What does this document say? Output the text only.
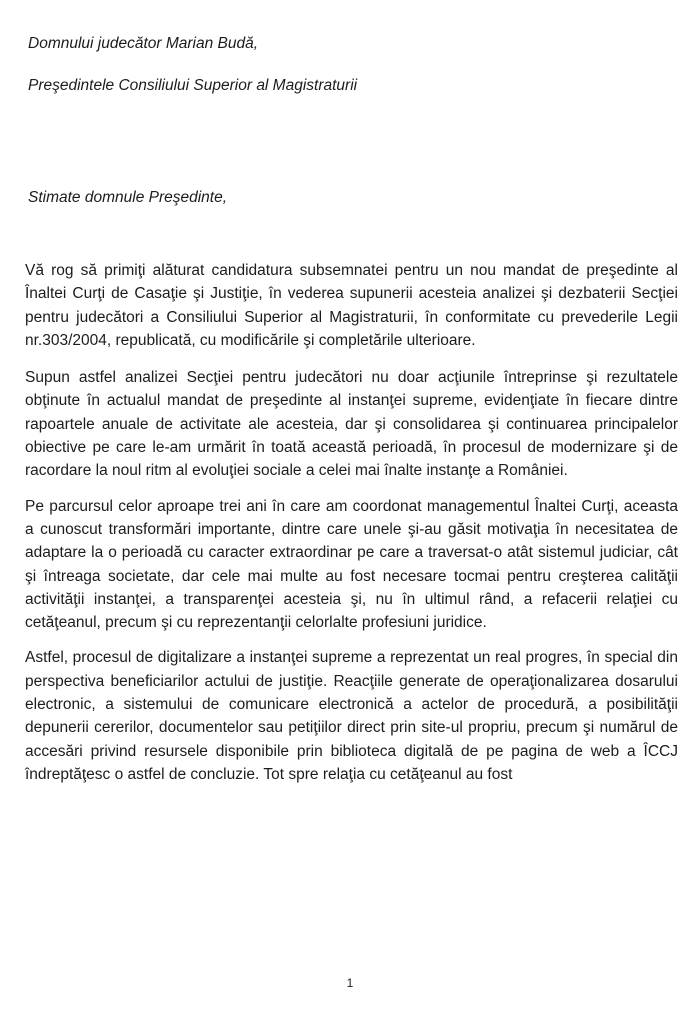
Domnului judecător Marian Budă,
Preşedintele Consiliului Superior al Magistraturii
Stimate domnule Preşedinte,

Vă rog să primiţi alăturat candidatura subsemnatei pentru un nou mandat de preşedinte al Înaltei Curţi de Casaţie şi Justiţie, în vederea supunerii acesteia analizei şi dezbaterii Secţiei pentru judecători a Consiliului Superior al Magistraturii, în conformitate cu prevederile Legii nr.303/2004, republicată, cu modificările şi completările ulterioare.

Supun astfel analizei Secţiei pentru judecători nu doar acţiunile întreprinse şi rezultatele obţinute în actualul mandat de preşedinte al instanţei supreme, evidenţiate în fiecare dintre rapoartele anuale de activitate ale acesteia, dar şi consolidarea şi continuarea principalelor obiective pe care le-am urmărit în toată această perioadă, în procesul de modernizare şi de racordare la noul ritm al evoluţiei sociale a celei mai înalte instanţe a României.

Pe parcursul celor aproape trei ani în care am coordonat managementul Înaltei Curţi, aceasta a cunoscut transformări importante, dintre care unele şi-au găsit motivaţia în necesitatea de adaptare la o perioadă cu caracter extraordinar pe care a traversat-o atât sistemul judiciar, cât şi întreaga societate, dar cele mai multe au fost necesare tocmai pentru creşterea calităţii activităţii instanţei, a transparenţei acesteia şi, nu în ultimul rând, a refacerii relaţiei cu cetăţeanul, precum şi cu reprezentanţii celorlalte profesiuni juridice.

Astfel, procesul de digitalizare a instanţei supreme a reprezentat un real progres, în special din perspectiva beneficiarilor actului de justiţie. Reacţiile generate de operaţionalizarea dosarului electronic, a sistemului de comunicare electronică a actelor de procedură, a posibilităţii depunerii cererilor, documentelor sau petiţiilor direct prin site-ul propriu, precum şi numărul de accesări privind resursele disponibile prin biblioteca digitală de pe pagina de web a ÎCCJ îndreptăţesc o astfel de concluzie. Tot spre relaţia cu cetăţeanul au fost

1
